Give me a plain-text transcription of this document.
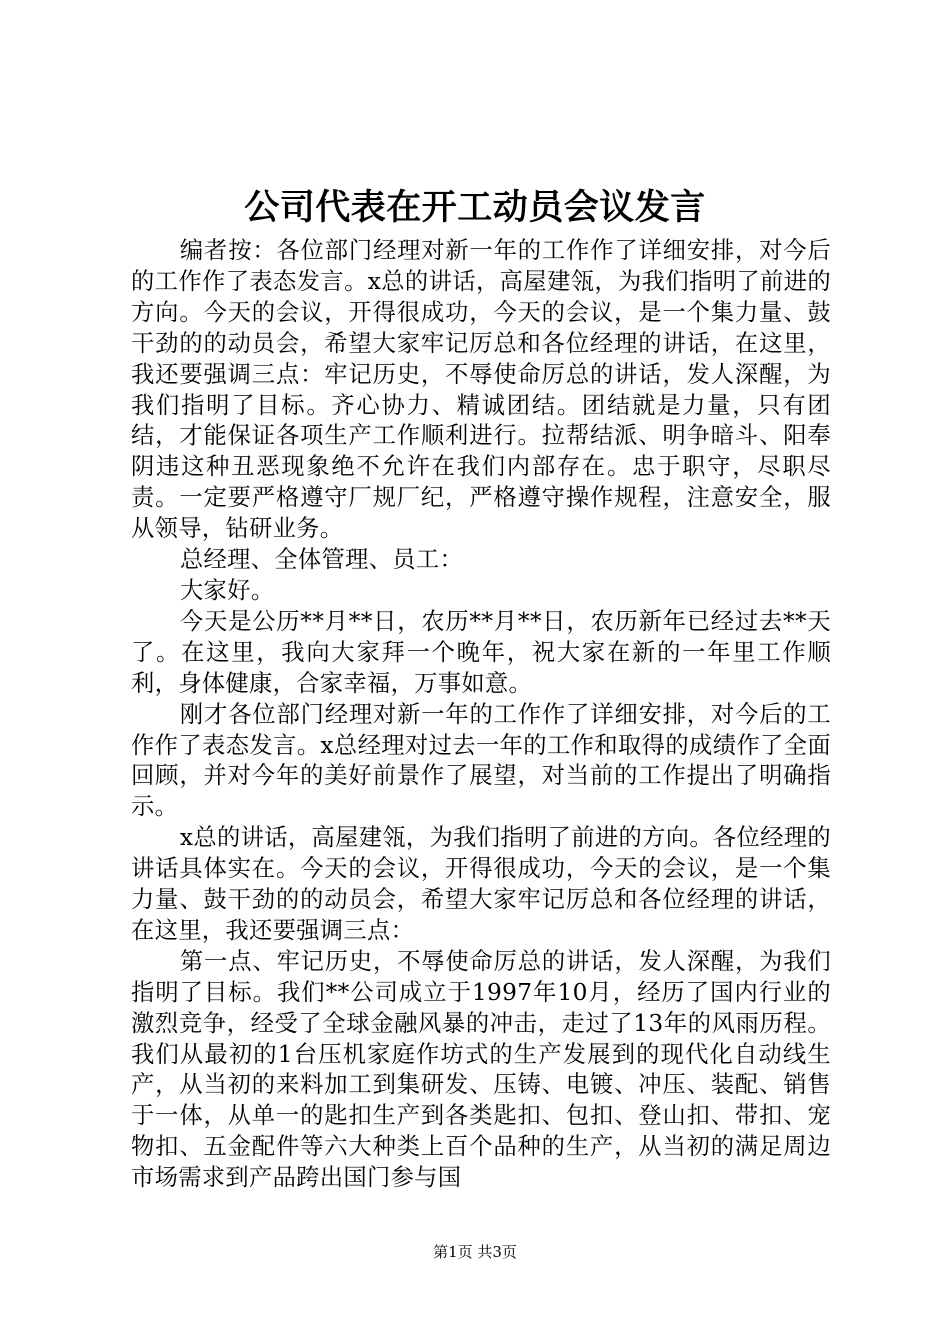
公司代表在开工动员会议发言

编者按：各位部门经理对新一年的工作作了详细安排，对今后的工作作了表态发言。x总的讲话，高屋建瓴，为我们指明了前进的方向。今天的会议，开得很成功，今天的会议，是一个集力量、鼓干劲的的动员会，希望大家牢记厉总和各位经理的讲话，在这里，我还要强调三点：牢记历史，不辱使命厉总的讲话，发人深醒，为我们指明了目标。齐心协力、精诚团结。团结就是力量，只有团结，才能保证各项生产工作顺利进行。拉帮结派、明争暗斗、阳奉阴违这种丑恶现象绝不允许在我们内部存在。忠于职守，尽职尽责。一定要严格遵守厂规厂纪，严格遵守操作规程，注意安全，服从领导，钻研业务。

总经理、全体管理、员工：

大家好。

今天是公历**月**日，农历**月**日，农历新年已经过去**天了。在这里，我向大家拜一个晚年，祝大家在新的一年里工作顺利，身体健康，合家幸福，万事如意。

刚才各位部门经理对新一年的工作作了详细安排，对今后的工作作了表态发言。x总经理对过去一年的工作和取得的成绩作了全面回顾，并对今年的美好前景作了展望，对当前的工作提出了明确指示。

x总的讲话，高屋建瓴，为我们指明了前进的方向。各位经理的讲话具体实在。今天的会议，开得很成功，今天的会议，是一个集力量、鼓干劲的的动员会，希望大家牢记厉总和各位经理的讲话，在这里，我还要强调三点：

第一点、牢记历史，不辱使命厉总的讲话，发人深醒，为我们指明了目标。我们**公司成立于1997年10月，经历了国内行业的激烈竞争，经受了全球金融风暴的冲击，走过了13年的风雨历程。我们从最初的1台压机家庭作坊式的生产发展到的现代化自动线生产，从当初的来料加工到集研发、压铸、电镀、冲压、装配、销售于一体，从单一的匙扣生产到各类匙扣、包扣、登山扣、带扣、宠物扣、五金配件等六大种类上百个品种的生产，从当初的满足周边市场需求到产品跨出国门参与国

第1页 共3页
